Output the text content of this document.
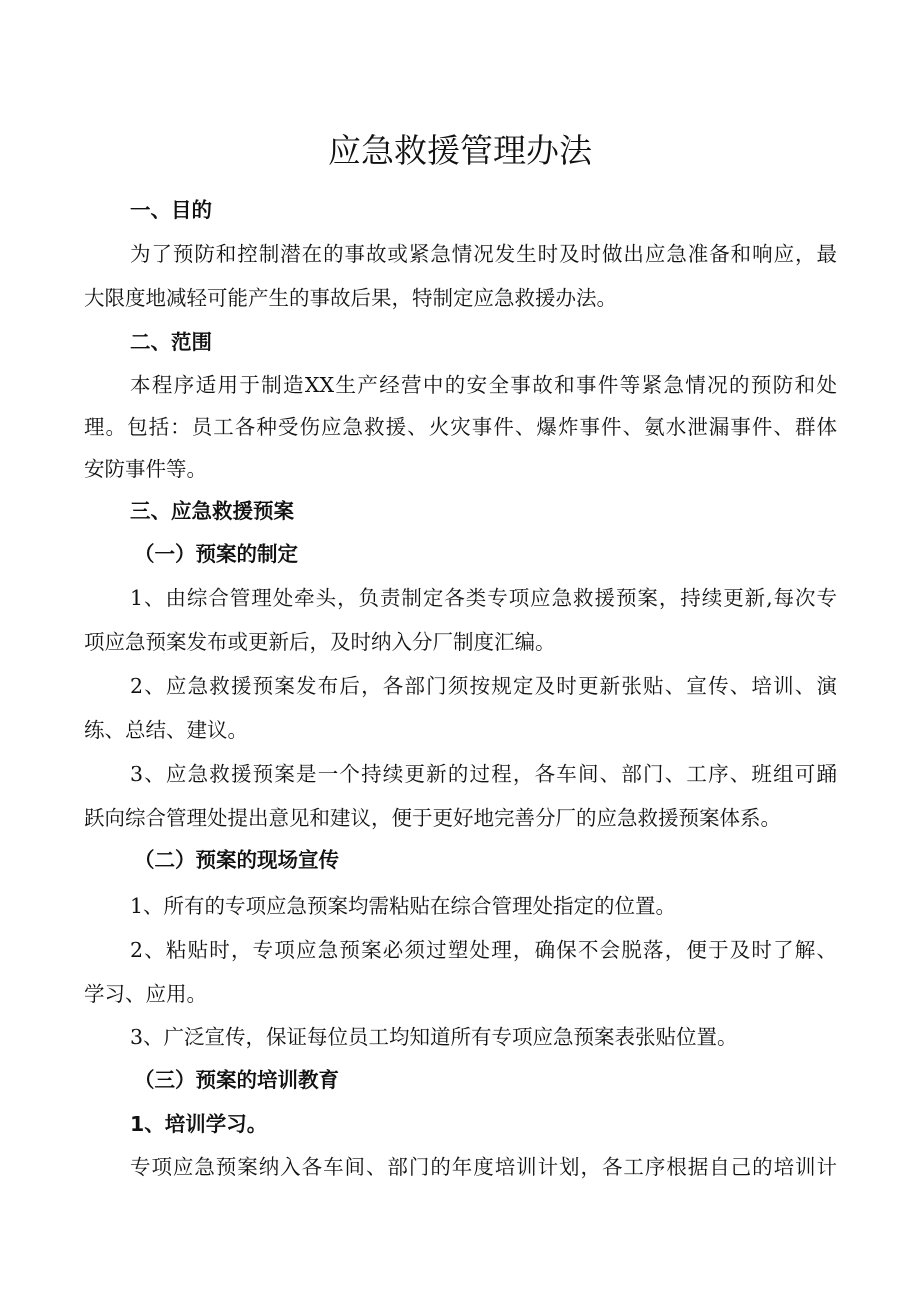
应急救援管理办法
一、目的
为了预防和控制潜在的事故或紧急情况发生时及时做出应急准备和响应，最
大限度地减轻可能产生的事故后果，特制定应急救援办法。
二、范围
本程序适用于制造XX生产经营中的安全事故和事件等紧急情况的预防和处
理。包括：员工各种受伤应急救援、火灾事件、爆炸事件、氨水泄漏事件、群体
安防事件等。
三、应急救援预案
（一）预案的制定
1、由综合管理处牵头，负责制定各类专项应急救援预案，持续更新,每次专
项应急预案发布或更新后，及时纳入分厂制度汇编。
2、应急救援预案发布后，各部门须按规定及时更新张贴、宣传、培训、演
练、总结、建议。
3、应急救援预案是一个持续更新的过程，各车间、部门、工序、班组可踊
跃向综合管理处提出意见和建议，便于更好地完善分厂的应急救援预案体系。
（二）预案的现场宣传
1、所有的专项应急预案均需粘贴在综合管理处指定的位置。
2、粘贴时，专项应急预案必须过塑处理，确保不会脱落，便于及时了解、
学习、应用。
3、广泛宣传，保证每位员工均知道所有专项应急预案表张贴位置。
（三）预案的培训教育
1、培训学习。
专项应急预案纳入各车间、部门的年度培训计划，各工序根据自己的培训计
